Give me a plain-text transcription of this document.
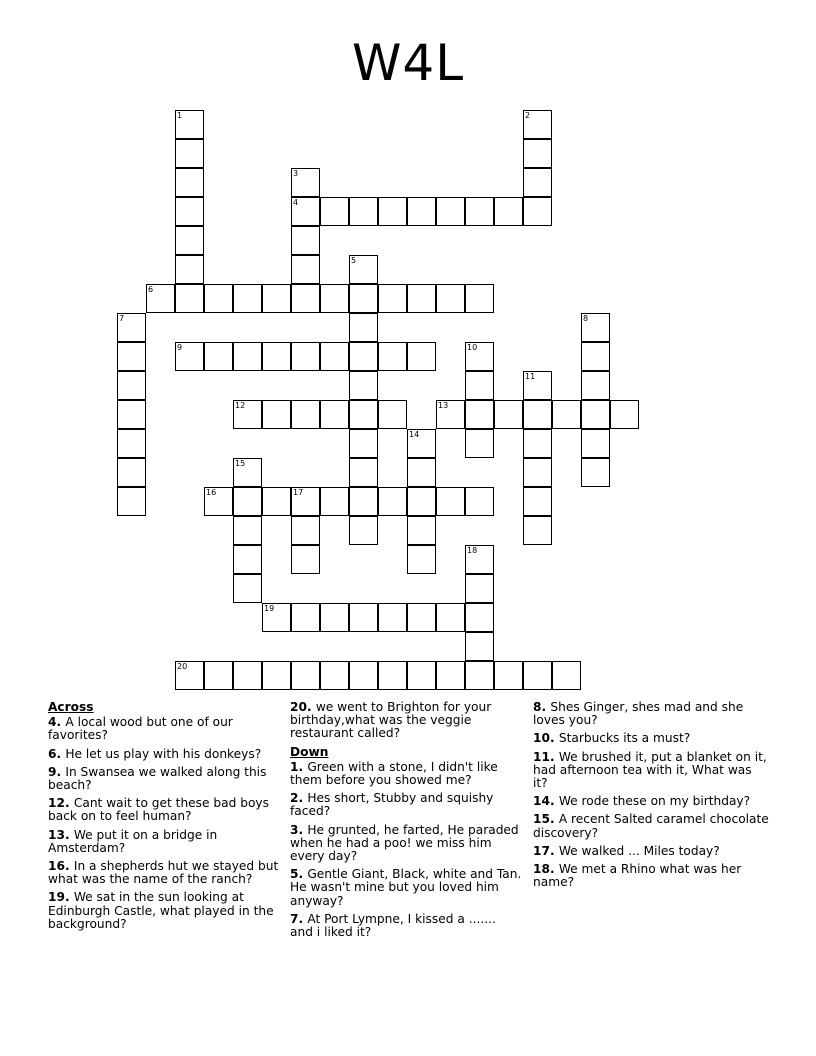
W4L
1	2
3
4
5
6
7	8
9	10
11
12	13
14
15
16	17
18
19
20
Across
4. A local wood but one of our favorites?
6. He let us play with his donkeys?
9. In Swansea we walked along this beach?
12. Cant wait to get these bad boys back on to feel human?
13. We put it on a bridge in Amsterdam?
16. In a shepherds hut we stayed but what was the name of the ranch?
19. We sat in the sun looking at Edinburgh Castle, what played in the background?
20. we went to Brighton for your birthday,what was the veggie restaurant called?
Down
1. Green with a stone, I didn't like them before you showed me?
2. Hes short, Stubby and squishy faced?
3. He grunted, he farted, He paraded when he had a poo! we miss him every day?
5. Gentle Giant, Black, white and Tan. He wasn't mine but you loved him anyway?
7. At Port Lympne, I kissed a ....... and i liked it?
8. Shes Ginger, shes mad and she loves you?
10. Starbucks its a must?
11. We brushed it, put a blanket on it, had afternoon tea with it, What was it?
14. We rode these on my birthday?
15. A recent Salted caramel chocolate discovery?
17. We walked ... Miles today?
18. We met a Rhino what was her name?
